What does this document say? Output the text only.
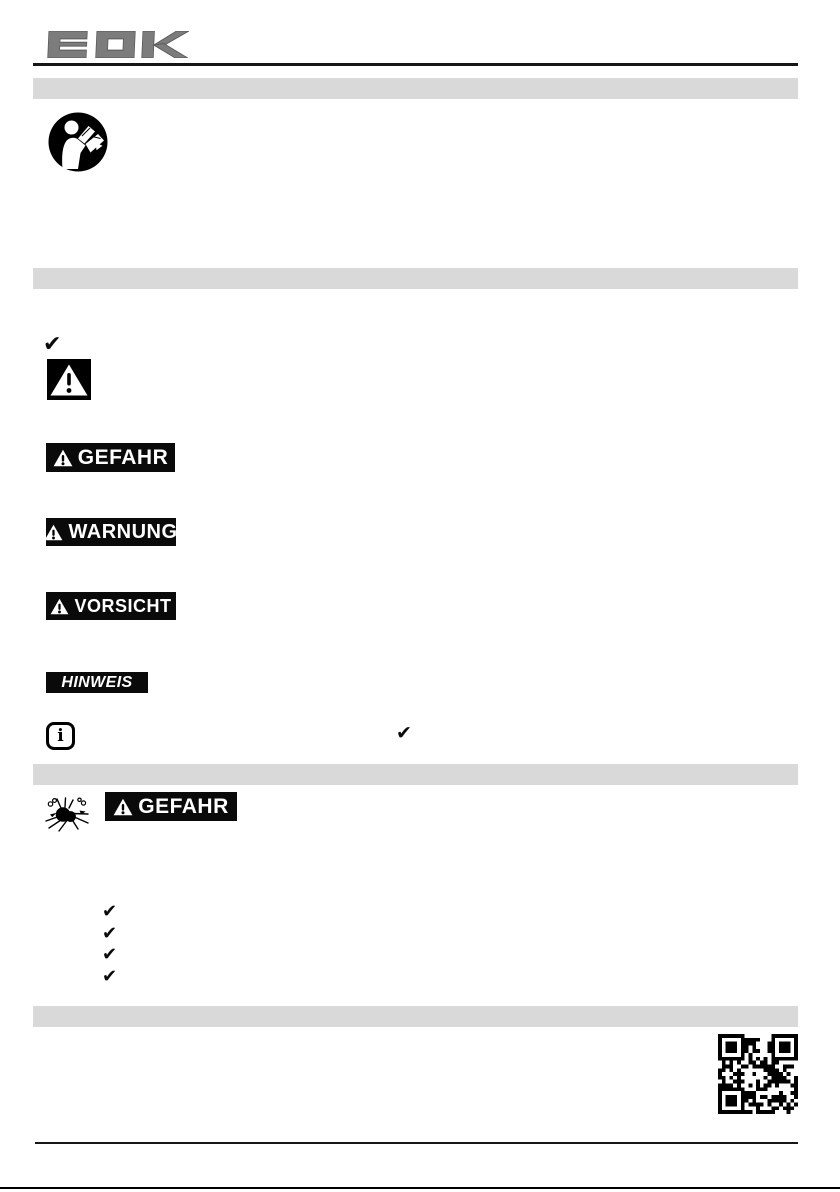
✔
GEFAHR
WARNUNG
VORSICHT
HINWEIS
i	✔
GEFAHR
✔
✔
✔
✔
